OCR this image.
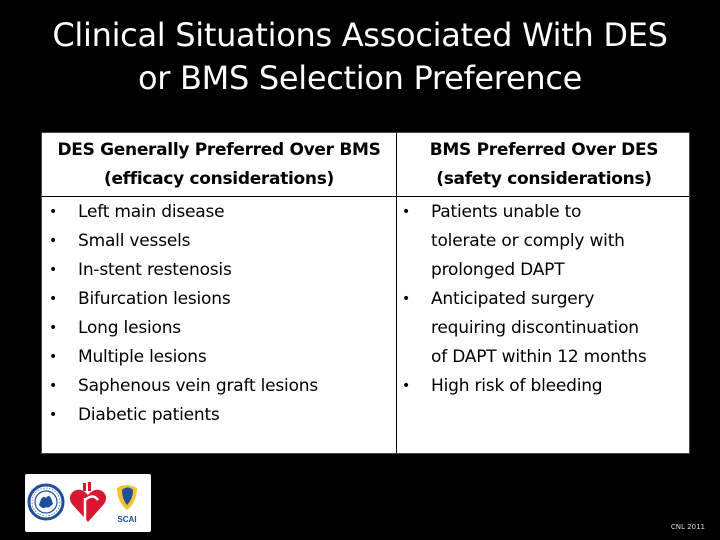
Clinical Situations Associated With DES
or BMS Selection Preference
DES Generally Preferred Over BMS
(efficacy considerations)
BMS Preferred Over DES
(safety considerations)
• Left main disease
• Small vessels
• In-stent restenosis
• Bifurcation lesions
• Long lesions
• Multiple lesions
• Saphenous vein graft lesions
• Diabetic patients
• Patients unable to
tolerate or comply with
prolonged DAPT
• Anticipated surgery
requiring discontinuation
of DAPT within 12 months
• High risk of bleeding
SCAI
CNL 2011
